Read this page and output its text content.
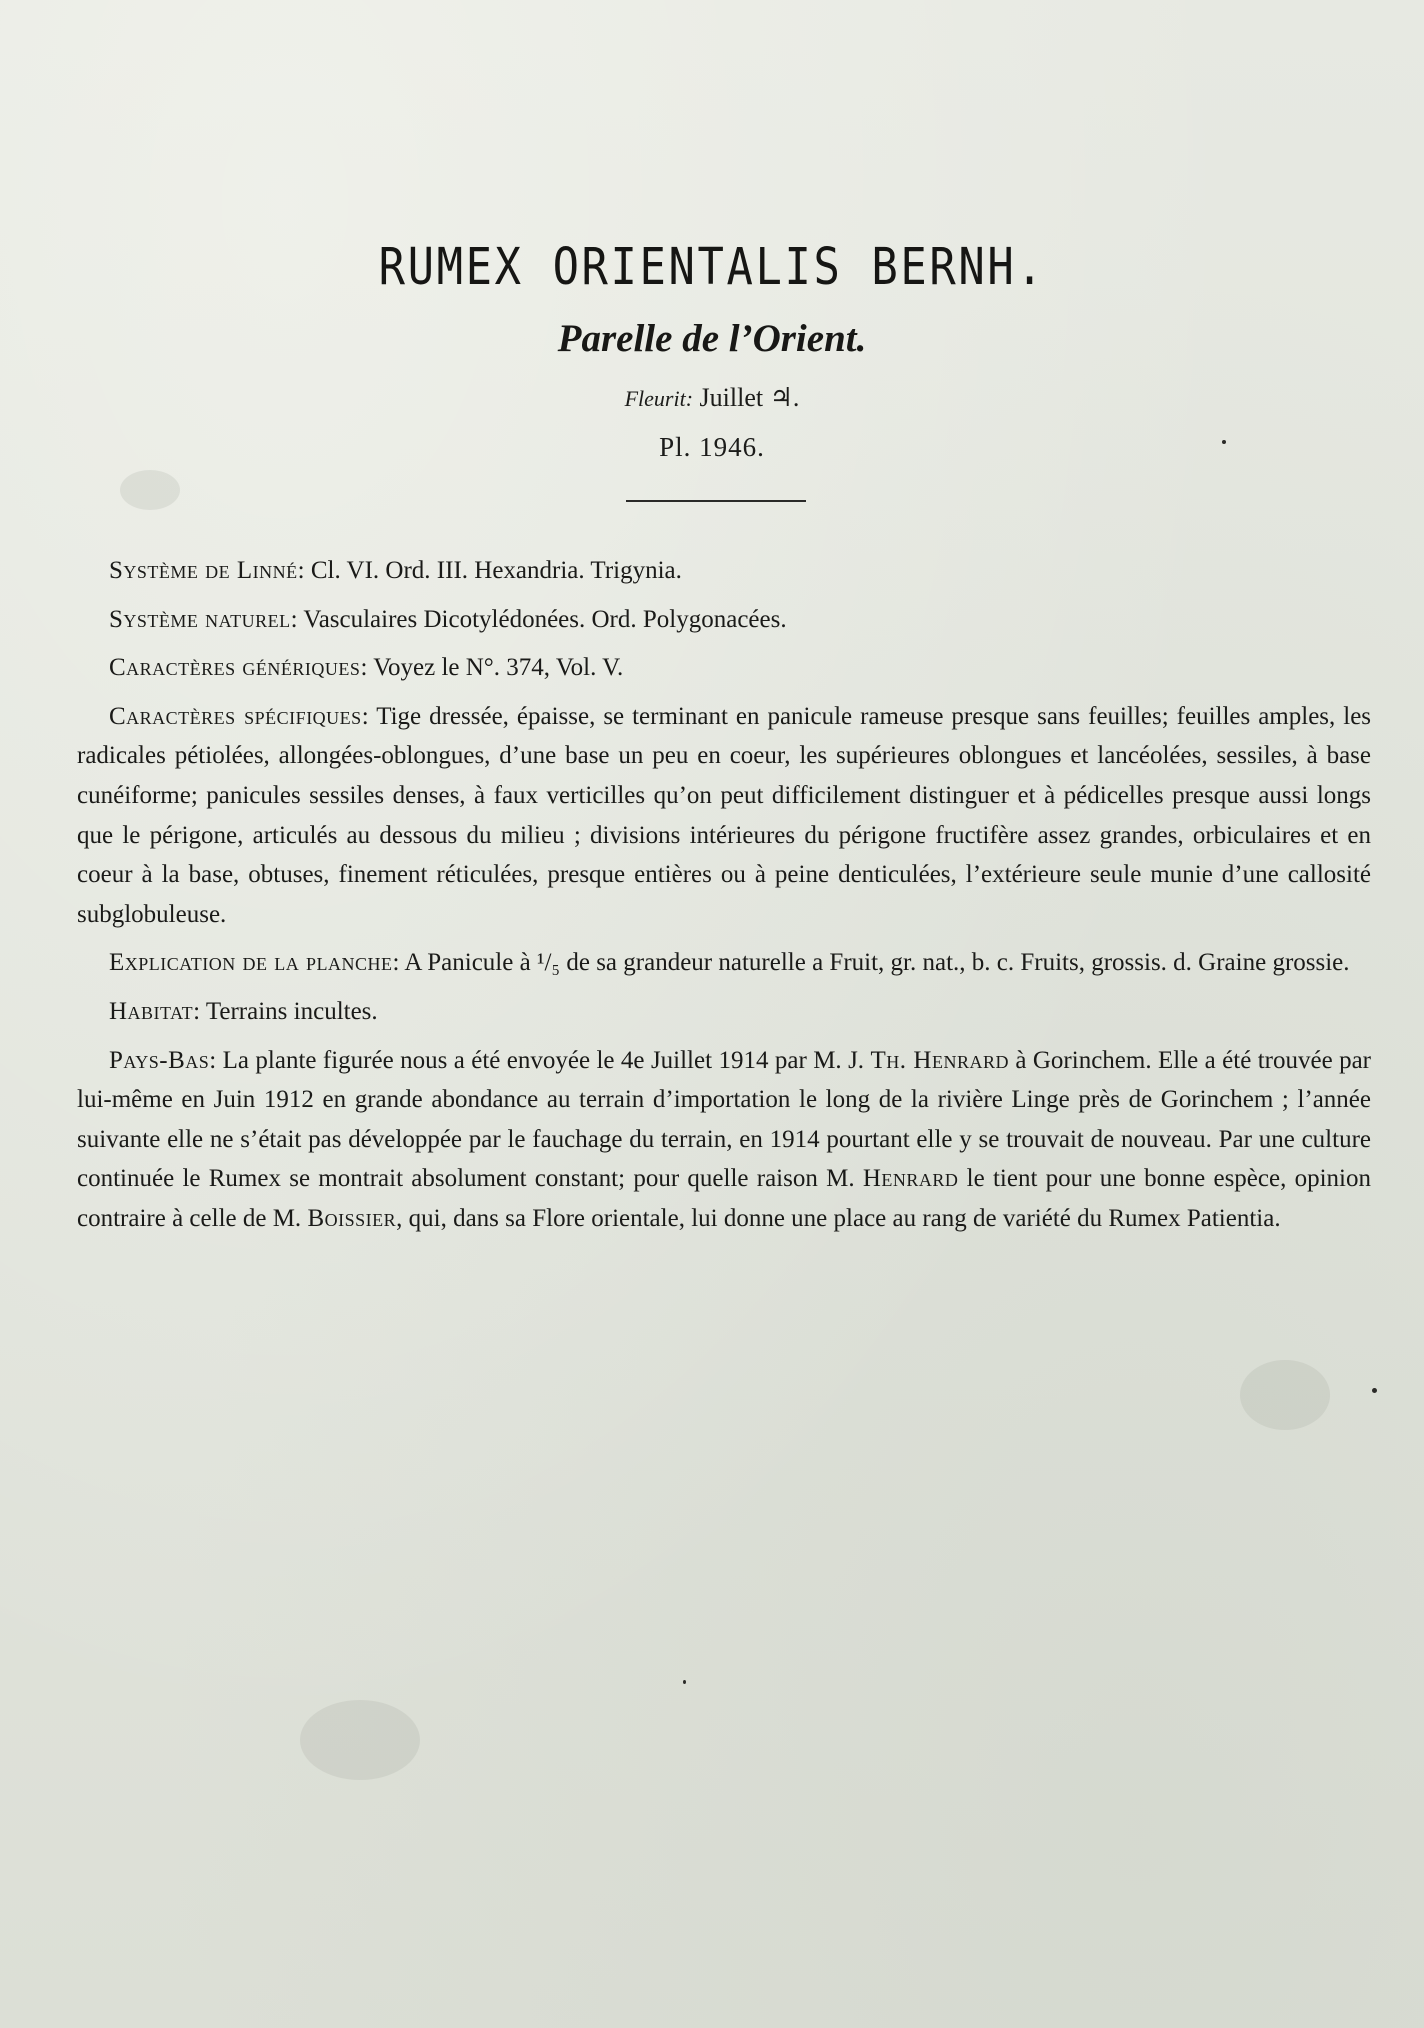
RUMEX ORIENTALIS BERNH.
Parelle de l’Orient.
Fleurit: Juillet ♃.
Pl. 1946.

Système de Linné: Cl. VI. Ord. III. Hexandria. Trigynia.

Système naturel: Vasculaires Dicotylédonées. Ord. Polygonacées.

Caractères génériques: Voyez le N°. 374, Vol. V.

Caractères spécifiques: Tige dressée, épaisse, se terminant en panicule rameuse presque sans feuilles; feuilles amples, les radicales pétiolées, allongées-oblongues, d’une base un peu en coeur, les supérieures oblongues et lancéolées, sessiles, à base cunéiforme; panicules sessiles denses, à faux verticilles qu’on peut difficilement distinguer et à pédicelles presque aussi longs que le périgone, articulés au dessous du milieu ; divisions intérieures du périgone fructifère assez grandes, orbiculaires et en coeur à la base, obtuses, finement réticulées, presque entières ou à peine denticulées, l’extérieure seule munie d’une callosité subglobuleuse.

Explication de la planche: A Panicule à ¹/₅ de sa grandeur naturelle a Fruit, gr. nat., b. c. Fruits, grossis. d. Graine grossie.

Habitat: Terrains incultes.

Pays-Bas: La plante figurée nous a été envoyée le 4e Juillet 1914 par M. J. Th. Henrard à Gorinchem. Elle a été trouvée par lui-même en Juin 1912 en grande abondance au terrain d’importation le long de la rivière Linge près de Gorinchem ; l’année suivante elle ne s’était pas développée par le fauchage du terrain, en 1914 pourtant elle y se trouvait de nouveau. Par une culture continuée le Rumex se montrait absolument constant; pour quelle raison M. Henrard le tient pour une bonne espèce, opinion contraire à celle de M. Boissier, qui, dans sa Flore orientale, lui donne une place au rang de variété du Rumex Patientia.
